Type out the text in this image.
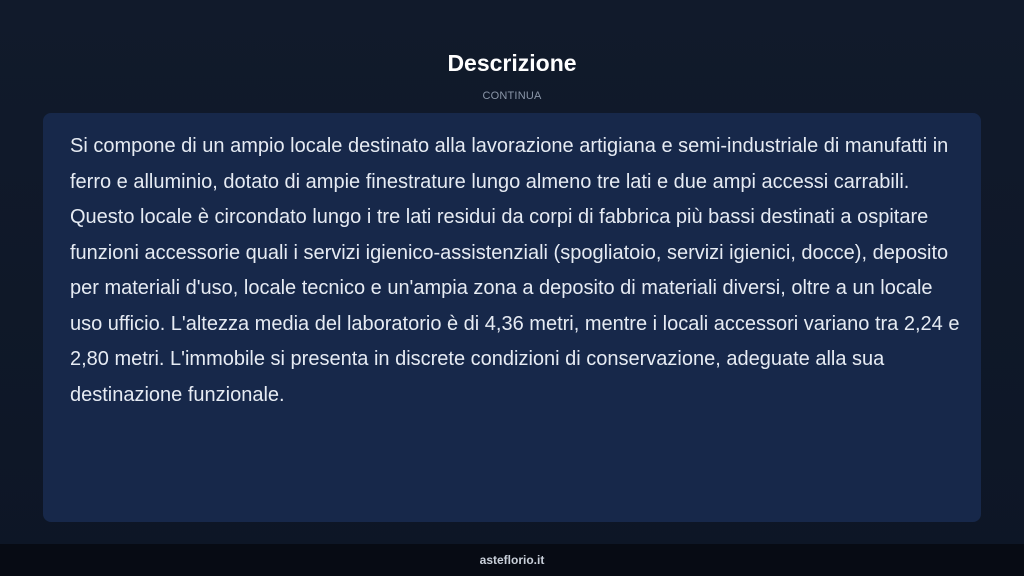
Descrizione
CONTINUA
Si compone di un ampio locale destinato alla lavorazione artigiana e semi-industriale di manufatti in ferro e alluminio, dotato di ampie finestrature lungo almeno tre lati e due ampi accessi carrabili. Questo locale è circondato lungo i tre lati residui da corpi di fabbrica più bassi destinati a ospitare funzioni accessorie quali i servizi igienico-assistenziali (spogliatoio, servizi igienici, docce), deposito per materiali d'uso, locale tecnico e un'ampia zona a deposito di materiali diversi, oltre a un locale uso ufficio. L'altezza media del laboratorio è di 4,36 metri, mentre i locali accessori variano tra 2,24 e 2,80 metri. L'immobile si presenta in discrete condizioni di conservazione, adeguate alla sua destinazione funzionale.
asteflorio.it
